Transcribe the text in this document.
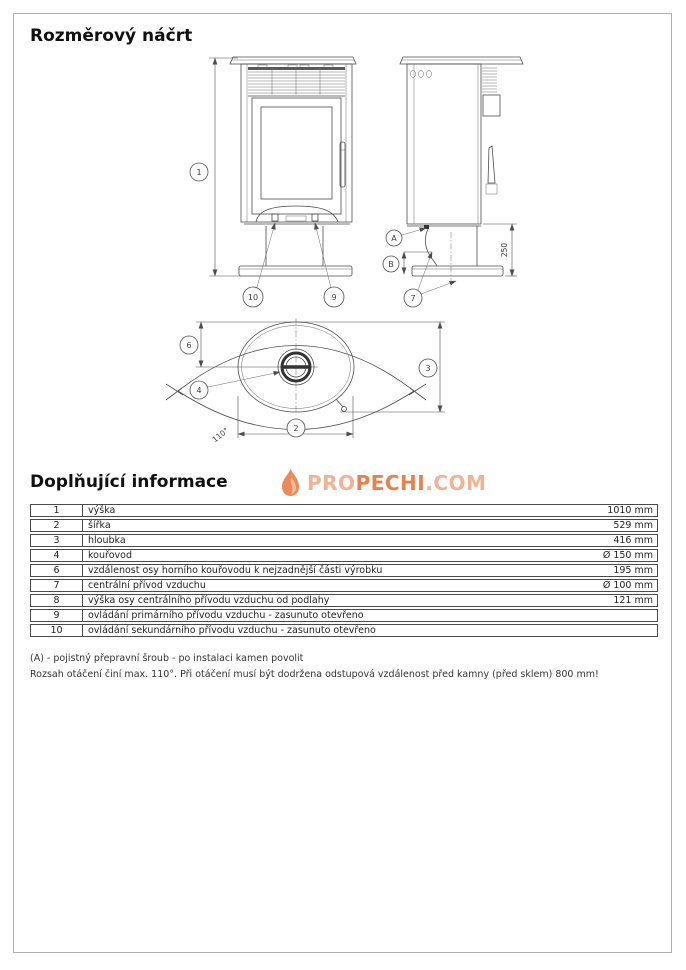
Rozměrový náčrt
1
10	9
250
A
B
7
110°
6
3
2
4
Doplňující informace	PROPECHI.COM
1	výška	1010 mm
2	šířka	529 mm
3	hloubka	416 mm
4	kouřovod	Ø 150 mm
6	vzdálenost osy horního kouřovodu k nejzadnější části výrobku	195 mm
7	centrální přívod vzduchu	Ø 100 mm
8	výška osy centrálního přívodu vzduchu od podlahy	121 mm
9	ovládání primárního přívodu vzduchu - zasunuto otevřeno
10	ovládání sekundárního přívodu vzduchu - zasunuto otevřeno
(A) - pojistný přepravní šroub - po instalaci kamen povolit
Rozsah otáčení činí max. 110°. Při otáčení musí být dodržena odstupová vzdálenost před kamny (před sklem) 800 mm!
